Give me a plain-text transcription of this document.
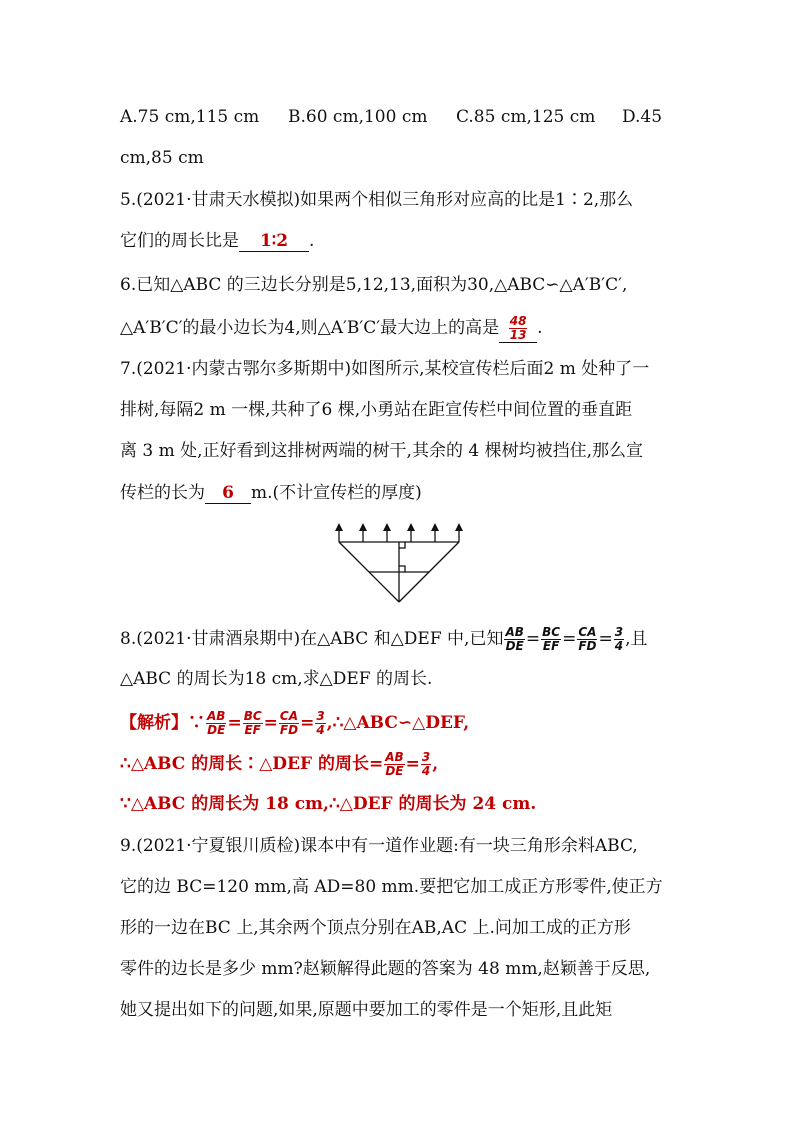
A.75 cm,115 cm B.60 cm,100 cm C.85 cm,125 cm D.45
cm,85 cm
5.(2021·甘肃天水模拟)如果两个相似三角形对应高的比是1∶2,那么
它们的周长比是 1∶2 .
6.已知△ABC 的三边长分别是5,12,13,面积为30,△ABC∽△A′B′C′,
△A′B′C′的最小边长为4,则△A′B′C′最大边上的高是 $\frac{48}{13}$ .
7.(2021·内蒙古鄂尔多斯期中)如图所示,某校宣传栏后面2 m 处种了一
排树,每隔2 m 一棵,共种了6 棵,小勇站在距宣传栏中间位置的垂直距
离 3 m 处,正好看到这排树两端的树干,其余的 4 棵树均被挡住,那么宣
传栏的长为 6 m.(不计宣传栏的厚度)
8.(2021·甘肃酒泉期中)在△ABC 和△DEF 中,已知 $\frac{AB}{DE} = \frac{BC}{EF} = \frac{CA}{FD} = \frac{3}{4}$ ,且
△ABC 的周长为18 cm,求△DEF 的周长.
【解析】∵ $\frac{AB}{DE} = \frac{BC}{EF} = \frac{CA}{FD} = \frac{3}{4}$ ,∴△ABC∽△DEF,
∴△ABC 的周长∶△DEF 的周长= $\frac{AB}{DE} = \frac{3}{4}$ ,
∵△ABC 的周长为 18 cm,∴△DEF 的周长为 24 cm.
9.(2021·宁夏银川质检)课本中有一道作业题:有一块三角形余料ABC,
它的边 BC=120 mm,高 AD=80 mm.要把它加工成正方形零件,使正方
形的一边在BC 上,其余两个顶点分别在AB,AC 上.问加工成的正方形
零件的边长是多少 mm?赵颖解得此题的答案为 48 mm,赵颖善于反思,
她又提出如下的问题,如果,原题中要加工的零件是一个矩形,且此矩
